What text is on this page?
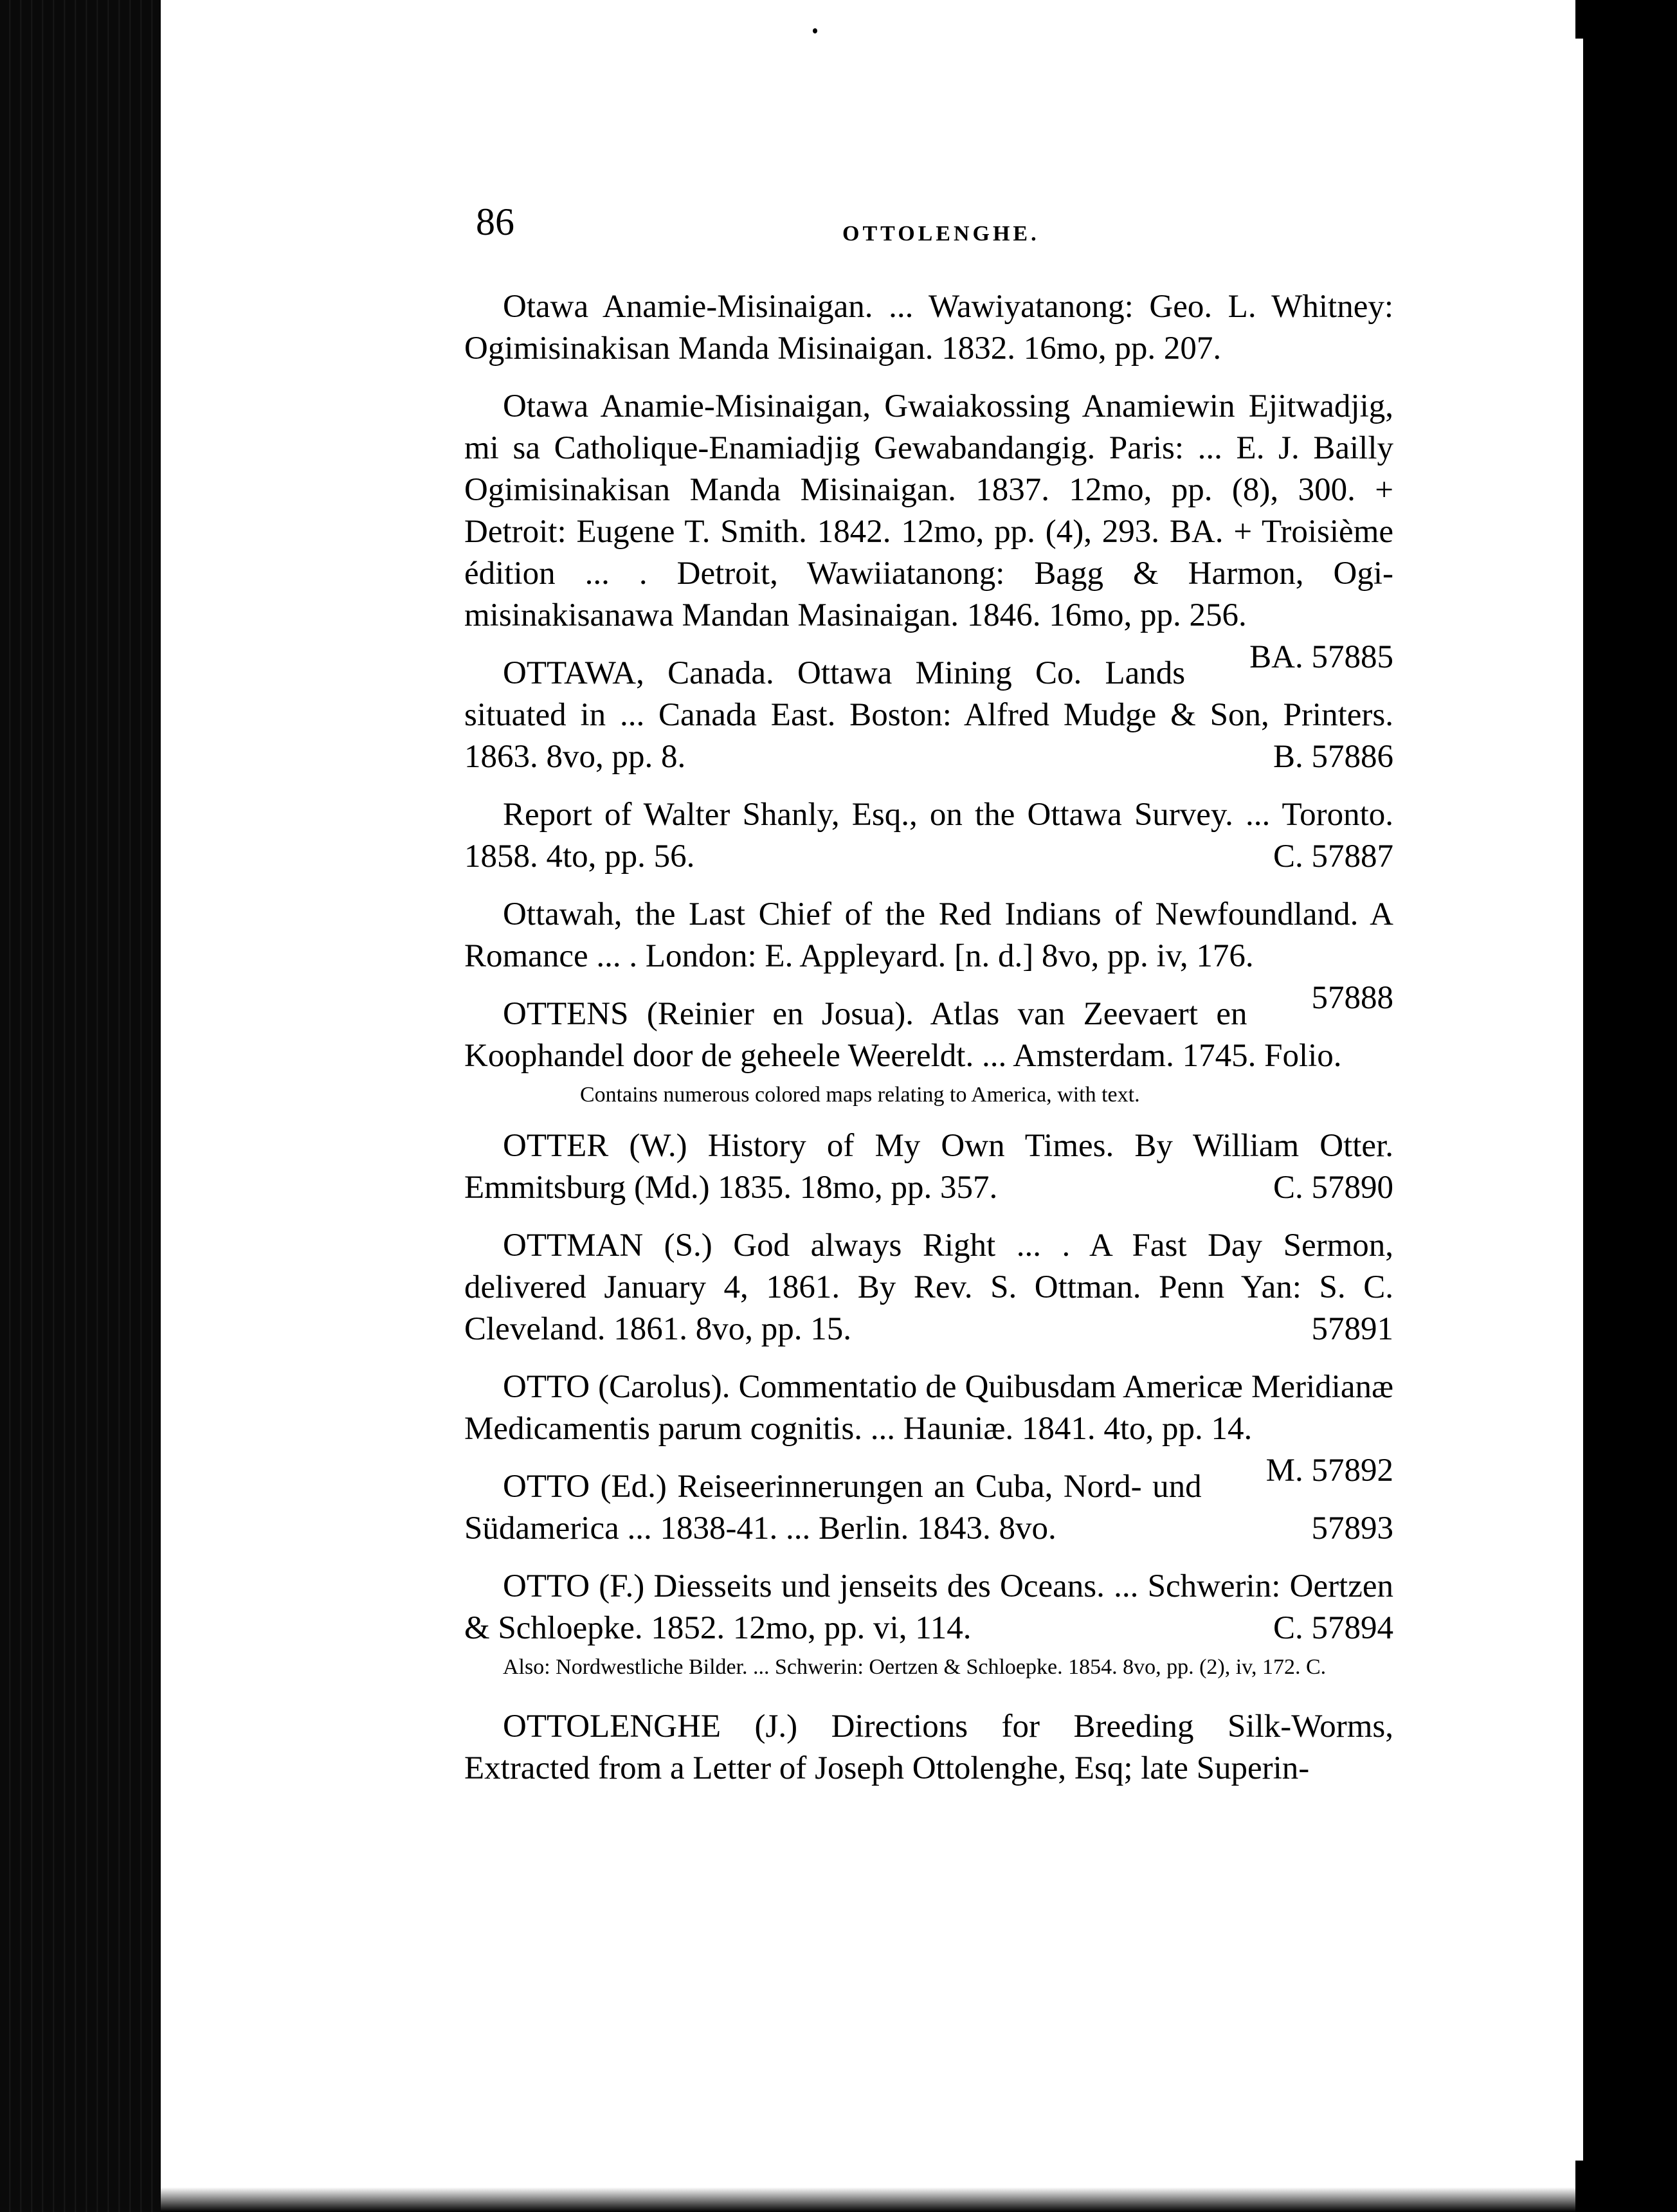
86	OTTOLENGHE.

Otawa Anamie-Misinaigan. ... Wawiyatanong: Geo. L. Whitney: Ogimisinakisan Manda Misinaigan. 1832. 16mo, pp. 207.

Otawa Anamie-Misinaigan, Gwaiakossing Anamiewin Ejitwadjig, mi sa Catholique-Enamiadjig Gewabandangig. Paris: ... E. J. Bailly Ogimisinakisan Manda Misinaigan. 1837. 12mo, pp. (8), 300. + Detroit: Eugene T. Smith. 1842. 12mo, pp. (4), 293. BA. + Troisième édition ... . Detroit, Wawiiatanong: Bagg & Harmon, Ogi-misinakisanawa Mandan Masinaigan. 1846. 16mo, pp. 256.
BA. 57885

OTTAWA, Canada. Ottawa Mining Co. Lands situated in ... Canada East. Boston: Alfred Mudge & Son, Printers. 1863. 8vo, pp. 8.	B. 57886

Report of Walter Shanly, Esq., on the Ottawa Survey. ... Toronto. 1858. 4to, pp. 56.	C. 57887

Ottawah, the Last Chief of the Red Indians of Newfoundland. A Romance ... . London: E. Appleyard. [n. d.] 8vo, pp. iv, 176.
57888

OTTENS (Reinier en Josua). Atlas van Zeevaert en Koophandel door de geheele Weereldt. ... Amsterdam. 1745. Folio.

Contains numerous colored maps relating to America, with text.

OTTER (W.) History of My Own Times. By William Otter. Emmitsburg (Md.) 1835. 18mo, pp. 357.	C. 57890

OTTMAN (S.) God always Right ... . A Fast Day Sermon, delivered January 4, 1861. By Rev. S. Ottman. Penn Yan: S. C. Cleveland. 1861. 8vo, pp. 15.	57891

OTTO (Carolus). Commentatio de Quibusdam Americæ Meridianæ Medicamentis parum cognitis. ... Hauniæ. 1841. 4to, pp. 14.
M. 57892

OTTO (Ed.) Reiseerinnerungen an Cuba, Nord- und Südamerica ... 1838-41. ... Berlin. 1843. 8vo.	57893

OTTO (F.) Diesseits und jenseits des Oceans. ... Schwerin: Oertzen & Schloepke. 1852. 12mo, pp. vi, 114.	C. 57894

Also: Nordwestliche Bilder. ... Schwerin: Oertzen & Schloepke. 1854. 8vo, pp. (2), iv, 172. C.

OTTOLENGHE (J.) Directions for Breeding Silk-Worms, Extracted from a Letter of Joseph Ottolenghe, Esq; late Superin-
